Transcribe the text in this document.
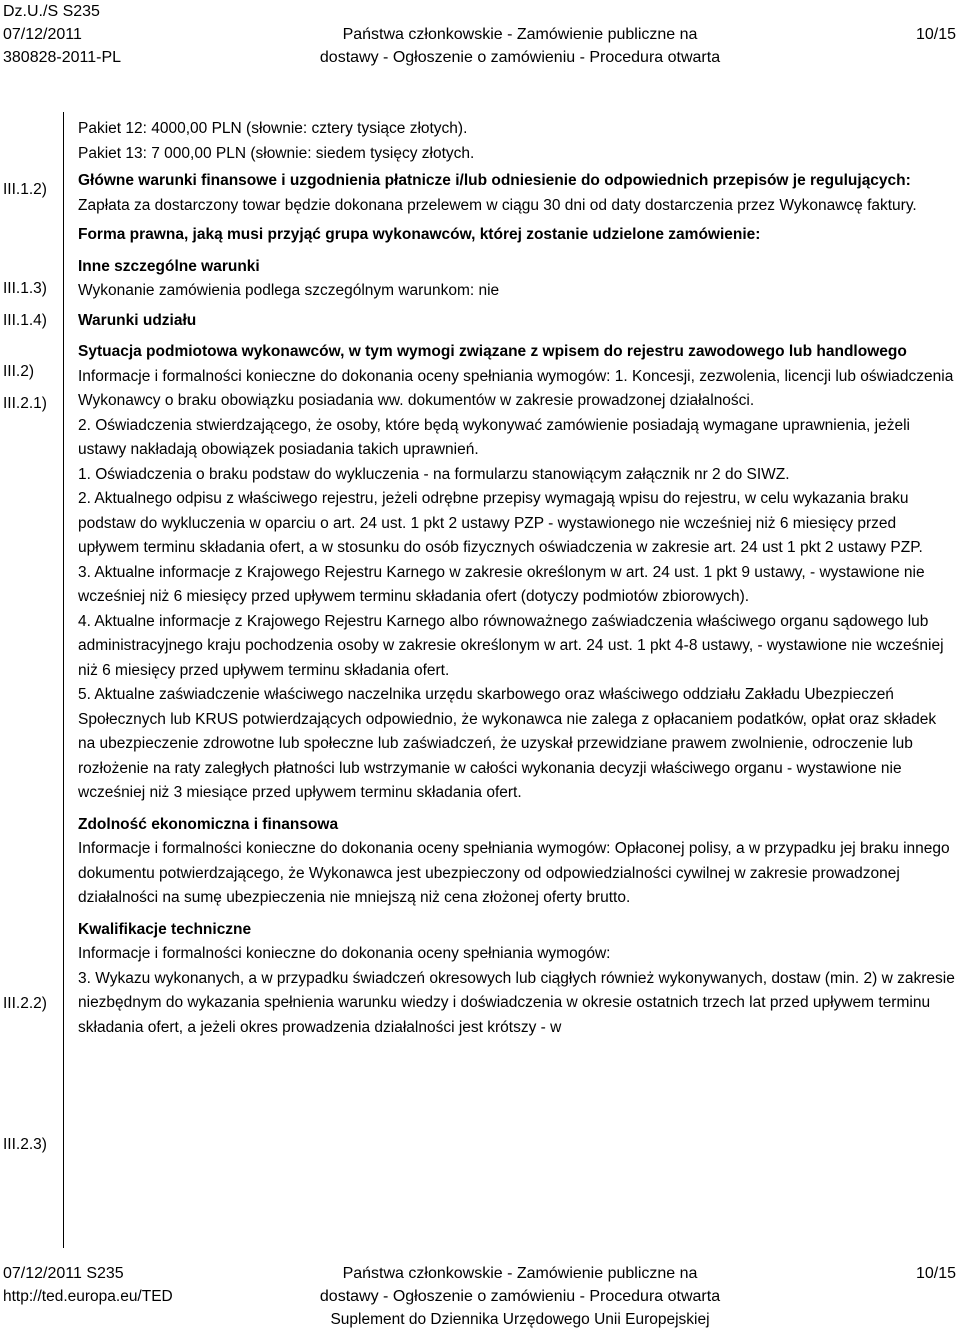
Dz.U./S S235
07/12/2011
380828-2011-PL
Państwa członkowskie - Zamówienie publiczne na
dostawy - Ogłoszenie o zamówieniu - Procedura otwarta
10/15
III.1.2)
III.1.3)
III.1.4)
III.2)
III.2.1)
III.2.2)
III.2.3)

Pakiet 12: 4000,00 PLN (słownie: cztery tysiące złotych).

Pakiet 13: 7 000,00 PLN (słownie: siedem tysięcy złotych.

Główne warunki finansowe i uzgodnienia płatnicze i/lub odniesienie do odpowiednich przepisów je regulujących:

Zapłata za dostarczony towar będzie dokonana przelewem w ciągu 30 dni od daty dostarczenia przez Wykonawcę faktury.

Forma prawna, jaką musi przyjąć grupa wykonawców, której zostanie udzielone zamówienie:

Inne szczególne warunki

Wykonanie zamówienia podlega szczególnym warunkom: nie

Warunki udziału

Sytuacja podmiotowa wykonawców, w tym wymogi związane z wpisem do rejestru zawodowego lub handlowego

Informacje i formalności konieczne do dokonania oceny spełniania wymogów: 1. Koncesji, zezwolenia, licencji lub oświadczenia Wykonawcy o braku obowiązku posiadania ww. dokumentów w zakresie prowadzonej działalności.

2. Oświadczenia stwierdzającego, że osoby, które będą wykonywać zamówienie posiadają wymagane uprawnienia, jeżeli ustawy nakładają obowiązek posiadania takich uprawnień.

1. Oświadczenia o braku podstaw do wykluczenia - na formularzu stanowiącym załącznik nr 2 do SIWZ.

2. Aktualnego odpisu z właściwego rejestru, jeżeli odrębne przepisy wymagają wpisu do rejestru, w celu wykazania braku podstaw do wykluczenia w oparciu o art. 24 ust. 1 pkt 2 ustawy PZP - wystawionego nie wcześniej niż 6 miesięcy przed upływem terminu składania ofert, a w stosunku do osób fizycznych oświadczenia w zakresie art. 24 ust 1 pkt 2 ustawy PZP.

3. Aktualne informacje z Krajowego Rejestru Karnego w zakresie określonym w art. 24 ust. 1 pkt 9 ustawy, - wystawione nie wcześniej niż 6 miesięcy przed upływem terminu składania ofert (dotyczy podmiotów zbiorowych).

4. Aktualne informacje z Krajowego Rejestru Karnego albo równoważnego zaświadczenia właściwego organu sądowego lub administracyjnego kraju pochodzenia osoby w zakresie określonym w art. 24 ust. 1 pkt 4-8 ustawy, - wystawione nie wcześniej niż 6 miesięcy przed upływem terminu składania ofert.

5. Aktualne zaświadczenie właściwego naczelnika urzędu skarbowego oraz właściwego oddziału Zakładu Ubezpieczeń Społecznych lub KRUS potwierdzających odpowiednio, że wykonawca nie zalega z opłacaniem podatków, opłat oraz składek na ubezpieczenie zdrowotne lub społeczne lub zaświadczeń, że uzyskał przewidziane prawem zwolnienie, odroczenie lub rozłożenie na raty zaległych płatności lub wstrzymanie w całości wykonania decyzji właściwego organu - wystawione nie wcześniej niż 3 miesiące przed upływem terminu składania ofert.

Zdolność ekonomiczna i finansowa

Informacje i formalności konieczne do dokonania oceny spełniania wymogów: Opłaconej polisy, a w przypadku jej braku innego dokumentu potwierdzającego, że Wykonawca jest ubezpieczony od odpowiedzialności cywilnej w zakresie prowadzonej działalności na sumę ubezpieczenia nie mniejszą niż cena złożonej oferty brutto.

Kwalifikacje techniczne

Informacje i formalności konieczne do dokonania oceny spełniania wymogów:

3. Wykazu wykonanych, a w przypadku świadczeń okresowych lub ciągłych również wykonywanych, dostaw (min. 2) w zakresie niezbędnym do wykazania spełnienia warunku wiedzy i doświadczenia w okresie ostatnich trzech lat przed upływem terminu składania ofert, a jeżeli okres prowadzenia działalności jest krótszy - w

07/12/2011 S235
http://ted.europa.eu/TED
Państwa członkowskie - Zamówienie publiczne na
dostawy - Ogłoszenie o zamówieniu - Procedura otwarta
Suplement do Dziennika Urzędowego Unii Europejskiej
10/15
